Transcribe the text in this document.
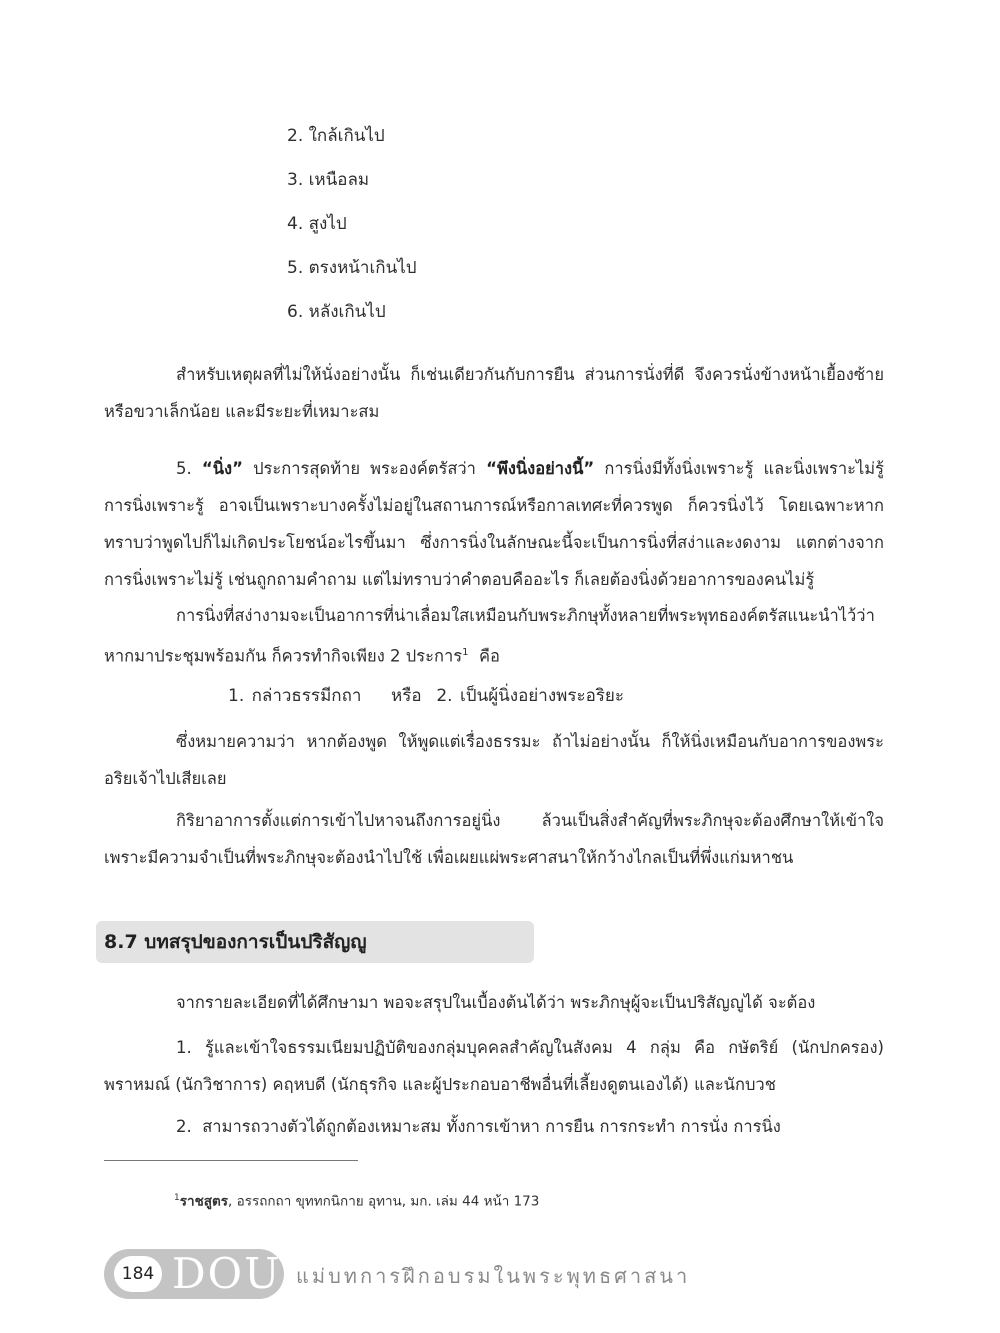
2. ใกล้เกินไป
3. เหนือลม
4. สูงไป
5. ตรงหน้าเกินไป
6. หลังเกินไป

สำหรับเหตุผลที่ไม่ให้นั่งอย่างนั้น ก็เช่นเดียวกันกับการยืน ส่วนการนั่งที่ดี จึงควรนั่งข้างหน้าเยื้องซ้ายหรือขวาเล็กน้อย และมีระยะที่เหมาะสม

5. “นิ่ง” ประการสุดท้าย พระองค์ตรัสว่า “พึงนิ่งอย่างนี้” การนิ่งมีทั้งนิ่งเพราะรู้ และนิ่งเพราะไม่รู้ การนิ่งเพราะรู้ อาจเป็นเพราะบางครั้งไม่อยู่ในสถานการณ์หรือกาลเทศะที่ควรพูด ก็ควรนิ่งไว้ โดยเฉพาะหากทราบว่าพูดไปก็ไม่เกิดประโยชน์อะไรขึ้นมา ซึ่งการนิ่งในลักษณะนี้จะเป็นการนิ่งที่สง่าและงดงาม แตกต่างจากการนิ่งเพราะไม่รู้ เช่นถูกถามคำถาม แต่ไม่ทราบว่าคำตอบคืออะไร ก็เลยต้องนิ่งด้วยอาการของคนไม่รู้

การนิ่งที่สง่างามจะเป็นอาการที่น่าเลื่อมใสเหมือนกับพระภิกษุทั้งหลายที่พระพุทธองค์ตรัสแนะนำไว้ว่า หากมาประชุมพร้อมกัน ก็ควรทำกิจเพียง 2 ประการ$^1$  คือ

1. กล่าวธรรมีกถา    หรือ  2. เป็นผู้นิ่งอย่างพระอริยะ

ซึ่งหมายความว่า หากต้องพูด ให้พูดแต่เรื่องธรรมะ ถ้าไม่อย่างนั้น ก็ให้นิ่งเหมือนกับอาการของพระอริยเจ้าไปเสียเลย

กิริยาอาการตั้งแต่การเข้าไปหาจนถึงการอยู่นิ่ง ล้วนเป็นสิ่งสำคัญที่พระภิกษุจะต้องศึกษาให้เข้าใจเพราะมีความจำเป็นที่พระภิกษุจะต้องนำไปใช้ เพื่อเผยแผ่พระศาสนาให้กว้างไกลเป็นที่พึ่งแก่มหาชน

8.7 บทสรุปของการเป็นปริสัญญู

จากรายละเอียดที่ได้ศึกษามา พอจะสรุปในเบื้องต้นได้ว่า พระภิกษุผู้จะเป็นปริสัญญูได้ จะต้อง

1. รู้และเข้าใจธรรมเนียมปฏิบัติของกลุ่มบุคคลสำคัญในสังคม 4 กลุ่ม คือ กษัตริย์ (นักปกครอง) พราหมณ์ (นักวิชาการ) คฤหบดี (นักธุรกิจ และผู้ประกอบอาชีพอื่นที่เลี้ยงดูตนเองได้) และนักบวช

2.  สามารถวางตัวได้ถูกต้องเหมาะสม ทั้งการเข้าหา การยืน การกระทำ การนั่ง การนิ่ง

$^1$ราชสูตร, อรรถกถา ขุททกนิกาย อุทาน, มก. เล่ม 44 หน้า 173
184 DOU แม่บทการฝึกอบรมในพระพุทธศาสนา
